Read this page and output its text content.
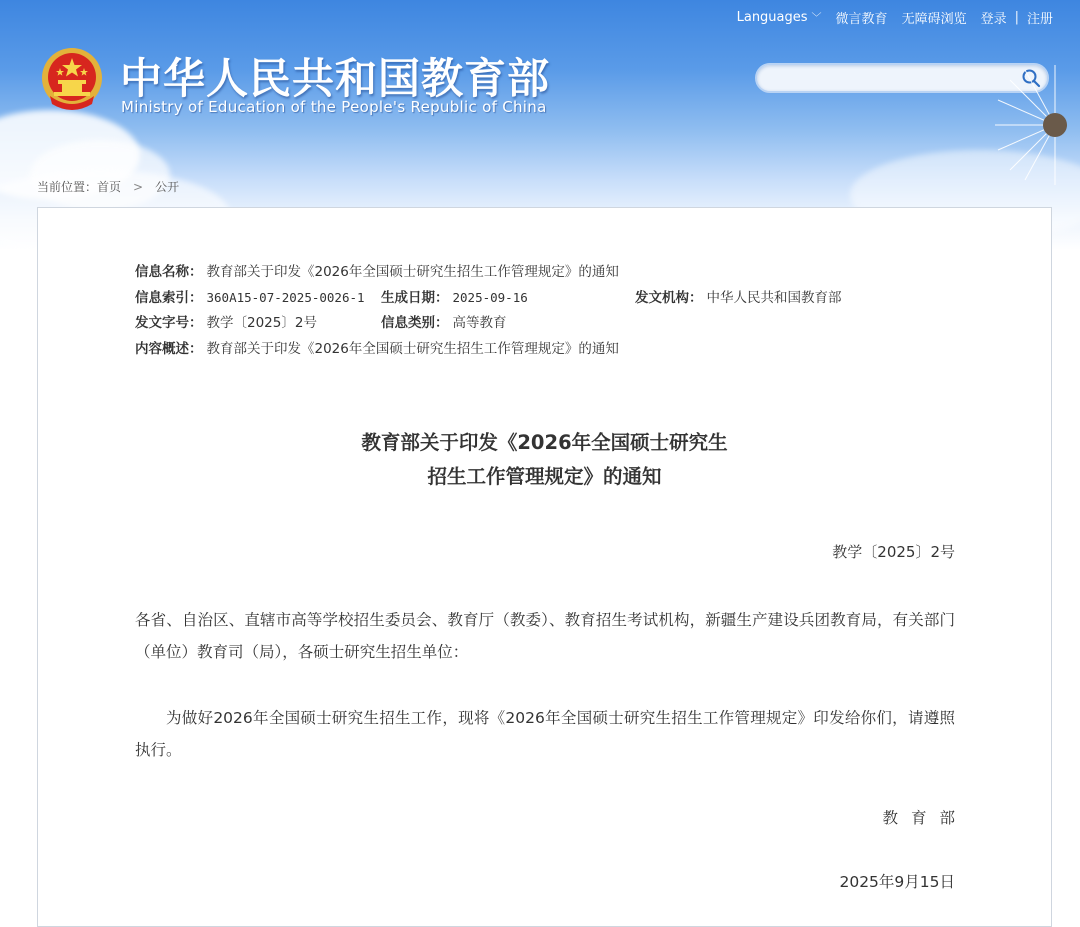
Languages ﹀ 微言教育 无障碍浏览 登录 | 注册
中华人民共和国教育部
Ministry of Education of the People's Republic of China
当前位置： 首页 > 公开
信息名称： 教育部关于印发《2026年全国硕士研究生招生工作管理规定》的通知
信息索引： 360A15-07-2025-0026-1 生成日期： 2025-09-16	发文机构： 中华人民共和国教育部
发文字号： 教学〔2025〕2号	信息类别： 高等教育
内容概述： 教育部关于印发《2026年全国硕士研究生招生工作管理规定》的通知
教育部关于印发《2026年全国硕士研究生
招生工作管理规定》的通知
教学〔2025〕2号
各省、自治区、直辖市高等学校招生委员会、教育厅（教委）、教育招生考试机构，新疆生产建设兵团教育局，有关部门（单位）教育司（局），各硕士研究生招生单位：
为做好2026年全国硕士研究生招生工作，现将《2026年全国硕士研究生招生工作管理规定》印发给你们，请遵照执行。
教育部
2025年9月15日
